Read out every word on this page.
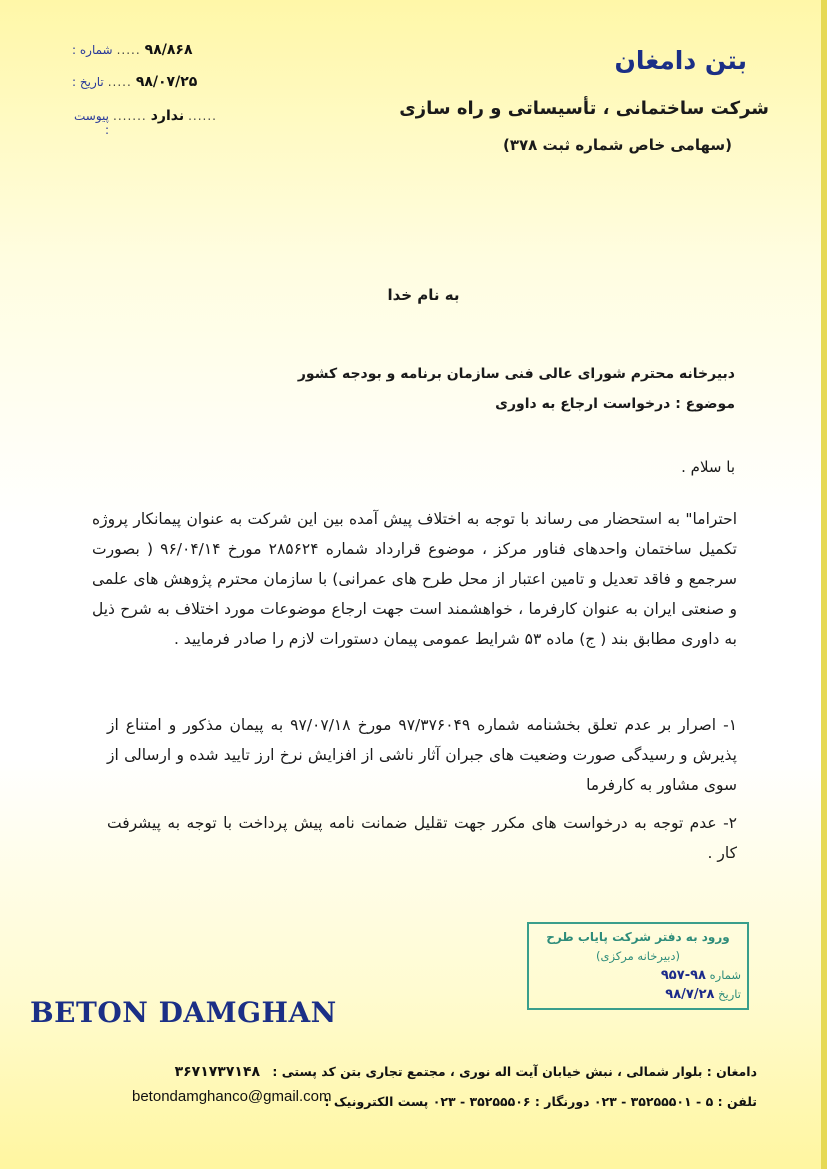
بتن دامغان
شرکت ساختمانی ، تأسیساتی و راه سازی
(سهامی خاص شماره ثبت ۳۷۸)
شماره : ..... ۹۸/۸۶۸
تاریخ : ..... ۹۸/۰۷/۲۵
پیوست :
....... ندارد ......
به نام خدا
دبیرخانه محترم شورای عالی فنی سازمان برنامه و بودجه کشور
موضوع : درخواست ارجاع به داوری
با سلام .
احتراما" به استحضار می رساند با توجه به اختلاف پیش آمده بین این شرکت به عنوان پیمانکار پروژه تکمیل ساختمان واحدهای فناور مرکز ، موضوع قرارداد شماره ۲۸۵۶۲۴ مورخ ۹۶/۰۴/۱۴ ( بصورت سرجمع و فاقد تعدیل و تامین اعتبار از محل طرح های عمرانی) با سازمان محترم پژوهش های علمی و صنعتی ایران به عنوان کارفرما ، خواهشمند است جهت ارجاع موضوعات مورد اختلاف به شرح ذیل به داوری مطابق بند ( ج) ماده ۵۳ شرایط عمومی پیمان دستورات لازم را صادر فرمایید .
۱- اصرار بر عدم تعلق بخشنامه شماره ۹۷/۳۷۶۰۴۹ مورخ ۹۷/۰۷/۱۸ به پیمان مذکور و امتناع از پذیرش و رسیدگی صورت وضعیت های جبران آثار ناشی از افزایش نرخ ارز تایید شده و ارسالی از سوی مشاور به کارفرما
۲- عدم توجه به درخواست های مکرر جهت تقلیل ضمانت نامه پیش پرداخت با توجه به پیشرفت کار .
ورود به دفتر شرکت پایاب طرح
(دبیرخانه مرکزی)
شماره ۹۸-۹۵۷
تاریخ ۹۸/۷/۲۸
BETON DAMGHAN
دامغان : بلوار شمالی ، نبش خیابان آیت اله نوری ، مجتمع تجاری بتن کد پستی : ۳۶۷۱۷۳۷۱۴۸
تلفن : ۵ - ۳۵۲۵۵۵۰۱ - ۰۲۳ دورنگار : ۳۵۲۵۵۵۰۶ - ۰۲۳ پست الکترونیک :
betondamghanco@gmail.com
